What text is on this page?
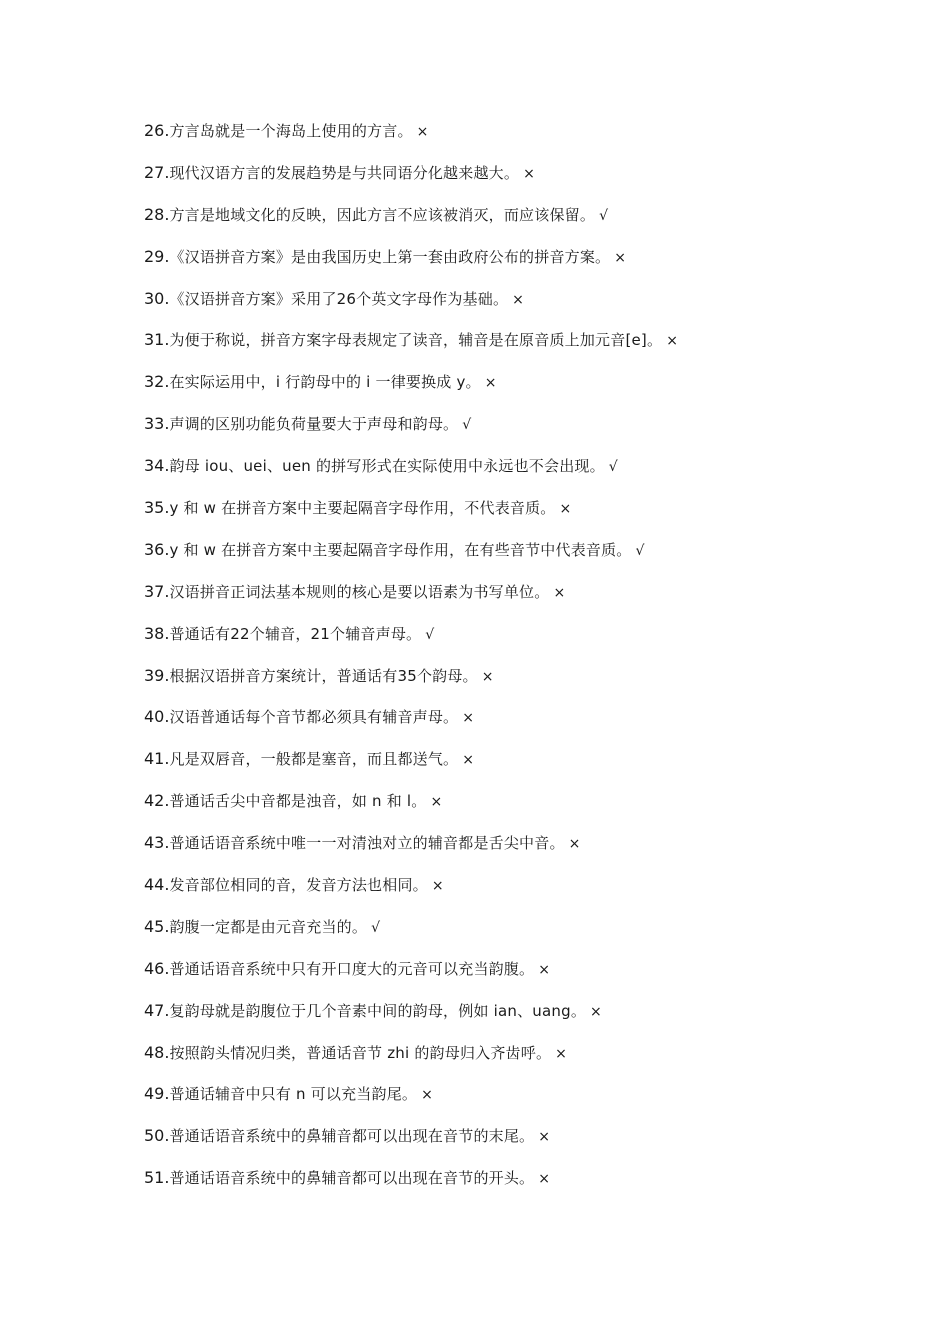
26.方言岛就是一个海岛上使用的方言。 ×
27.现代汉语方言的发展趋势是与共同语分化越来越大。 ×
28.方言是地域文化的反映，因此方言不应该被消灭，而应该保留。 √
29.《汉语拼音方案》是由我国历史上第一套由政府公布的拼音方案。 ×
30.《汉语拼音方案》采用了26个英文字母作为基础。 ×
31.为便于称说，拼音方案字母表规定了读音，辅音是在原音质上加元音[e]。 ×
32.在实际运用中，i 行韵母中的 i 一律要换成 y。 ×
33.声调的区别功能负荷量要大于声母和韵母。 √
34.韵母 iou、uei、uen 的拼写形式在实际使用中永远也不会出现。 √
35.y 和 w 在拼音方案中主要起隔音字母作用，不代表音质。 ×
36.y 和 w 在拼音方案中主要起隔音字母作用，在有些音节中代表音质。 √
37.汉语拼音正词法基本规则的核心是要以语素为书写单位。 ×
38.普通话有22个辅音，21个辅音声母。 √
39.根据汉语拼音方案统计，普通话有35个韵母。 ×
40.汉语普通话每个音节都必须具有辅音声母。 ×
41.凡是双唇音，一般都是塞音，而且都送气。 ×
42.普通话舌尖中音都是浊音，如 n 和 l。 ×
43.普通话语音系统中唯一一对清浊对立的辅音都是舌尖中音。 ×
44.发音部位相同的音，发音方法也相同。 ×
45.韵腹一定都是由元音充当的。 √
46.普通话语音系统中只有开口度大的元音可以充当韵腹。 ×
47.复韵母就是韵腹位于几个音素中间的韵母，例如 ian、uang。 ×
48.按照韵头情况归类，普通话音节 zhi 的韵母归入齐齿呼。 ×
49.普通话辅音中只有 n 可以充当韵尾。 ×
50.普通话语音系统中的鼻辅音都可以出现在音节的末尾。 ×
51.普通话语音系统中的鼻辅音都可以出现在音节的开头。 ×
